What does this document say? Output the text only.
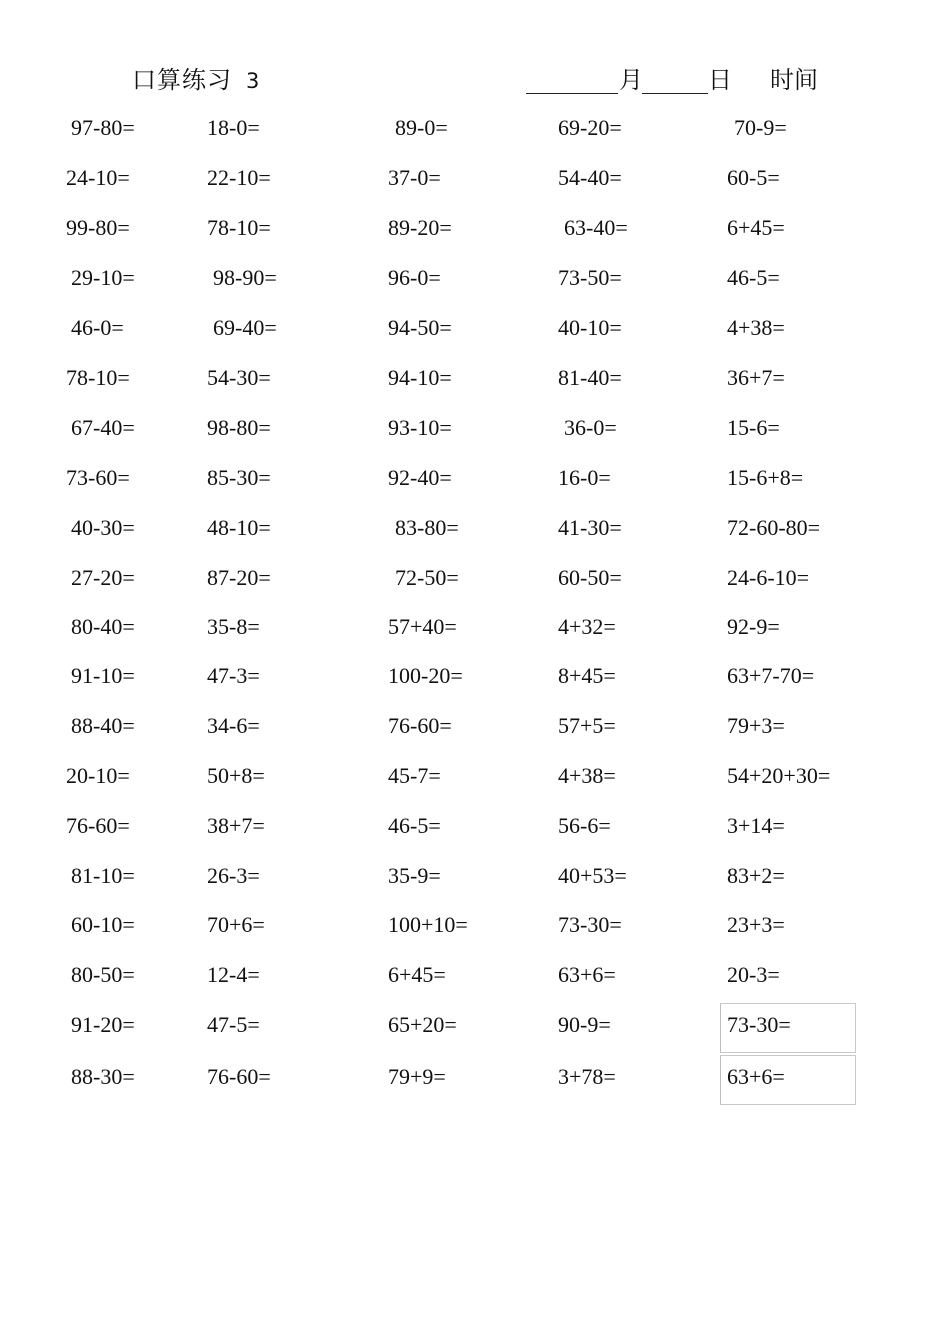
口算练习 3	月	日 时间
97-80=	18-0=	89-0=	69-20=	70-9=
24-10=	22-10=	37-0=	54-40=	60-5=
99-80=	78-10=	89-20=	63-40=	6+45=
29-10=	98-90=	96-0=	73-50=	46-5=
46-0=	69-40=	94-50=	40-10=	4+38=
78-10=	54-30=	94-10=	81-40=	36+7=
67-40=	98-80=	93-10=	36-0=	15-6=
73-60=	85-30=	92-40=	16-0=	15-6+8=
40-30=	48-10=	83-80=	41-30=	72-60-80=
27-20=	87-20=	72-50=	60-50=	24-6-10=
80-40=	35-8=	57+40=	4+32=	92-9=
91-10=	47-3=	100-20=	8+45=	63+7-70=
88-40=	34-6=	76-60=	57+5=	79+3=
20-10=	50+8=	45-7=	4+38=	54+20+30=
76-60=	38+7=	46-5=	56-6=	3+14=
81-10=	26-3=	35-9=	40+53=	83+2=
60-10=	70+6=	100+10=	73-30=	23+3=
80-50=	12-4=	6+45=	63+6=	20-3=
91-20=	47-5=	65+20=	90-9=	73-30=
88-30=	76-60=	79+9=	3+78=	63+6=
